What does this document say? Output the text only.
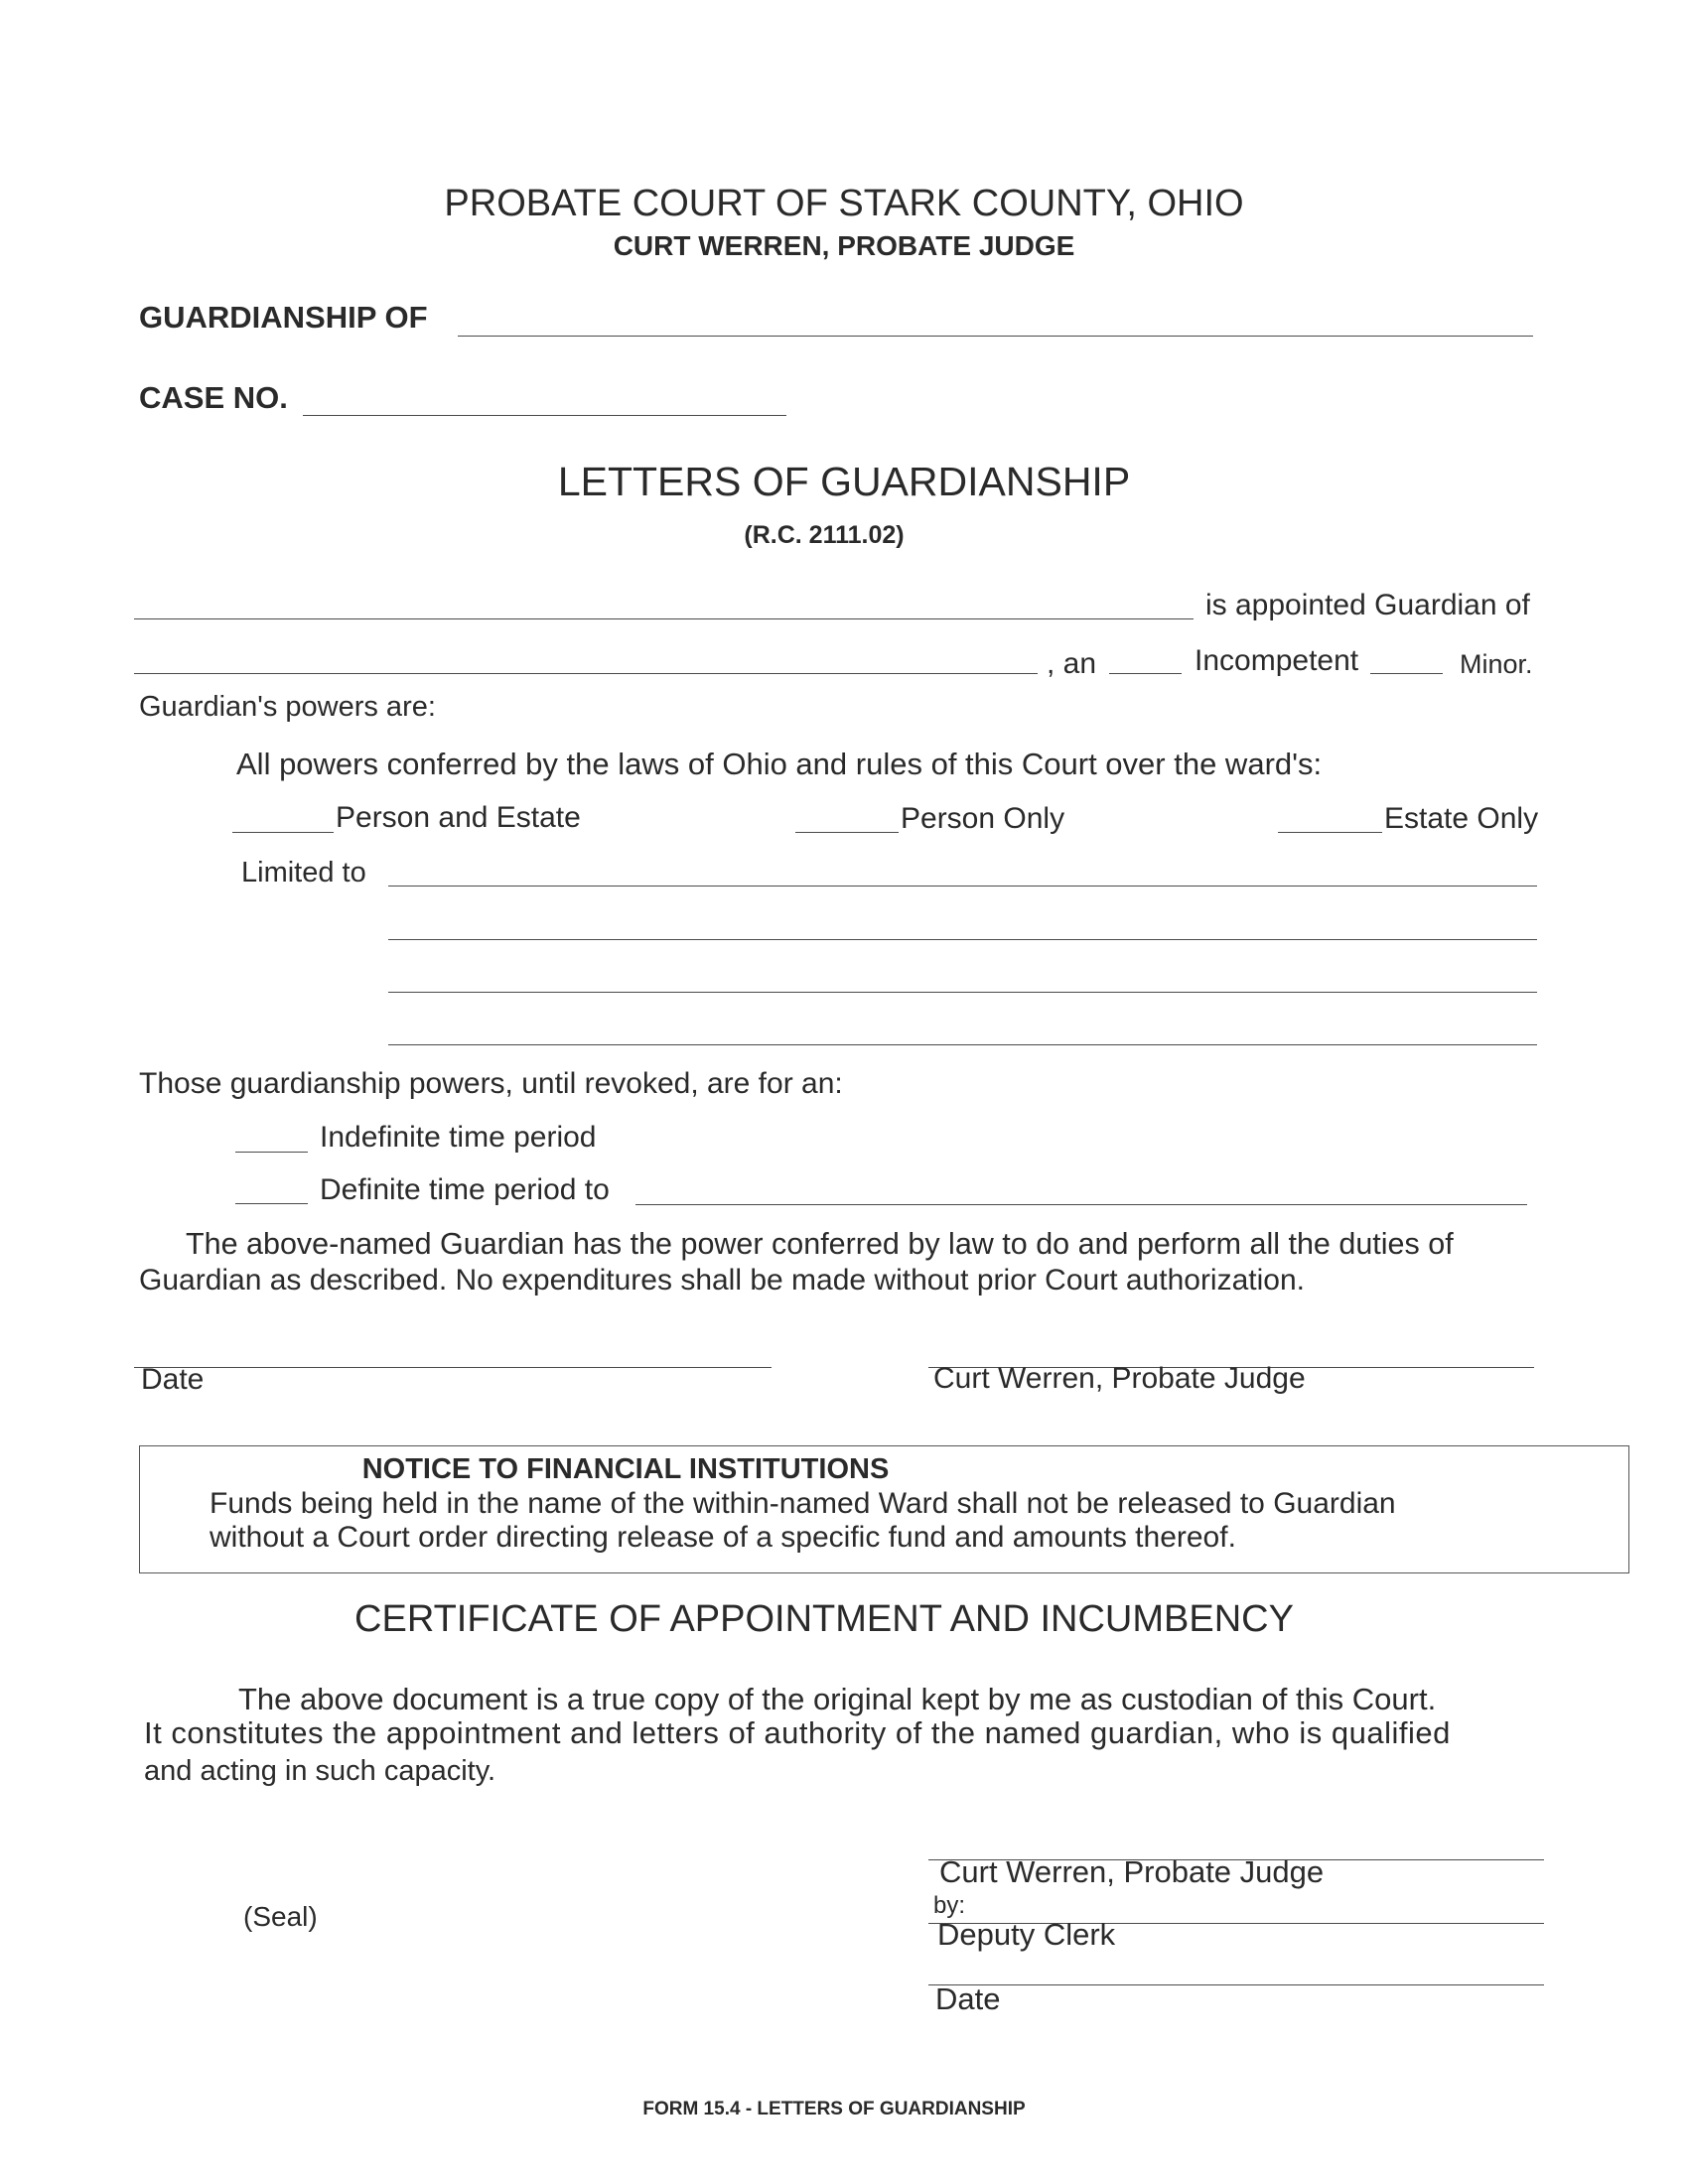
PROBATE COURT OF STARK COUNTY, OHIO
CURT WERREN, PROBATE JUDGE
GUARDIANSHIP OF
CASE NO.
LETTERS OF GUARDIANSHIP
(R.C. 2111.02)
is appointed Guardian of
, an	Incompetent	Minor.
Guardian's powers are:
All powers conferred by the laws of Ohio and rules of this Court over the ward's:
Person and Estate	Person Only	Estate Only
Limited to
Those guardianship powers, until revoked, are for an:
Indefinite time period
Definite time period to
The above-named Guardian has the power conferred by law to do and perform all the duties of
Guardian as described. No expenditures shall be made without prior Court authorization.
Date	Curt Werren, Probate Judge
NOTICE TO FINANCIAL INSTITUTIONS
Funds being held in the name of the within-named Ward shall not be released to Guardian
without a Court order directing release of a specific fund and amounts thereof.
CERTIFICATE OF APPOINTMENT AND INCUMBENCY
The above document is a true copy of the original kept by me as custodian of this Court.
It constitutes the appointment and letters of authority of the named guardian, who is qualified
and acting in such capacity.
(Seal)
Curt Werren, Probate Judge
by:
Deputy Clerk
Date
FORM 15.4 - LETTERS OF GUARDIANSHIP
